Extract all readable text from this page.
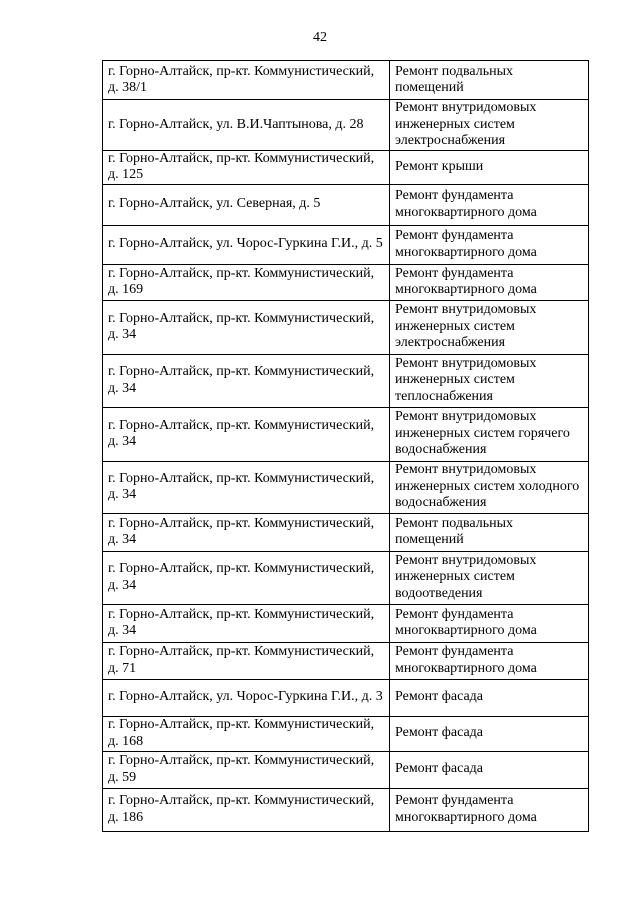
42
г. Горно-Алтайск, пр-кт. Коммунистический, д. 38/1	Ремонт подвальных помещений
г. Горно-Алтайск, ул. В.И.Чаптынова, д. 28	Ремонт внутридомовых инженерных систем электроснабжения
г. Горно-Алтайск, пр-кт. Коммунистический, д. 125	Ремонт крыши
г. Горно-Алтайск, ул. Северная, д. 5	Ремонт фундамента многоквартирного дома
г. Горно-Алтайск, ул. Чорос-Гуркина Г.И., д. 5	Ремонт фундамента многоквартирного дома
г. Горно-Алтайск, пр-кт. Коммунистический, д. 169	Ремонт фундамента многоквартирного дома
г. Горно-Алтайск, пр-кт. Коммунистический, д. 34	Ремонт внутридомовых инженерных систем электроснабжения
г. Горно-Алтайск, пр-кт. Коммунистический, д. 34	Ремонт внутридомовых инженерных систем теплоснабжения
г. Горно-Алтайск, пр-кт. Коммунистический, д. 34	Ремонт внутридомовых инженерных систем горячего водоснабжения
г. Горно-Алтайск, пр-кт. Коммунистический, д. 34	Ремонт внутридомовых инженерных систем холодного водоснабжения
г. Горно-Алтайск, пр-кт. Коммунистический, д. 34	Ремонт подвальных помещений
г. Горно-Алтайск, пр-кт. Коммунистический, д. 34	Ремонт внутридомовых инженерных систем водоотведения
г. Горно-Алтайск, пр-кт. Коммунистический, д. 34	Ремонт фундамента многоквартирного дома
г. Горно-Алтайск, пр-кт. Коммунистический, д. 71	Ремонт фундамента многоквартирного дома
г. Горно-Алтайск, ул. Чорос-Гуркина Г.И., д. 3	Ремонт фасада
г. Горно-Алтайск, пр-кт. Коммунистический, д. 168	Ремонт фасада
г. Горно-Алтайск, пр-кт. Коммунистический, д. 59	Ремонт фасада
г. Горно-Алтайск, пр-кт. Коммунистический, д. 186	Ремонт фундамента многоквартирного дома
